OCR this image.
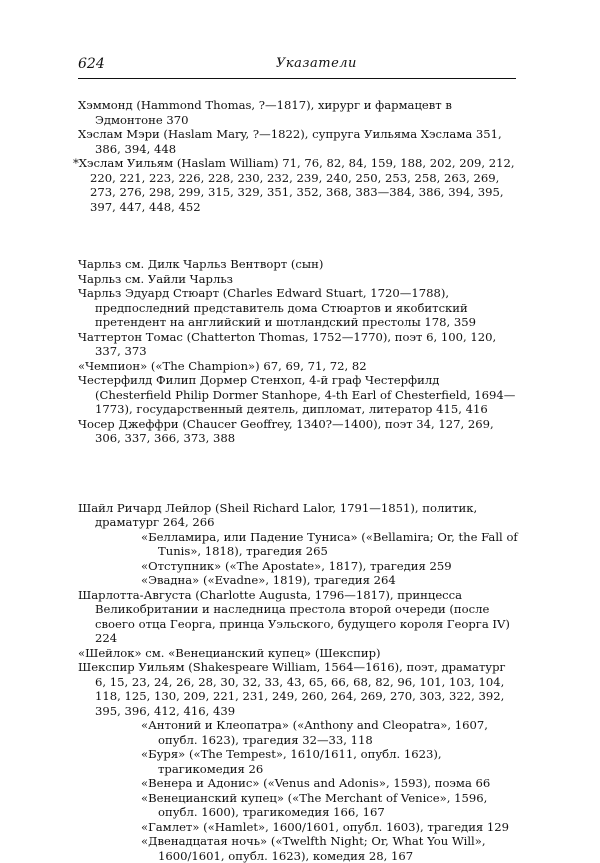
624	Указатели

Хэммонд (Hammond Thomas, ?—1817), хирург и фармацевт в Эдмонтоне 370

Хэслам Мэри (Haslam Mary, ?—1822), супруга Уильяма Хэслама 351, 386, 394, 448

*Хэслам Уильям (Haslam William) 71, 76, 82, 84, 159, 188, 202, 209, 212, 220, 221, 223, 226, 228, 230, 232, 239, 240, 250, 253, 258, 263, 269, 273, 276, 298, 299, 315, 329, 351, 352, 368, 383—384, 386, 394, 395, 397, 447, 448, 452

Чарльз см. Дилк Чарльз Вентворт (сын)

Чарльз см. Уайли Чарльз

Чарльз Эдуард Стюарт (Charles Edward Stuart, 1720—1788), предпоследний представитель дома Стюартов и якобитский претендент на английский и шотландский престолы 178, 359

Чаттертон Томас (Chatterton Thomas, 1752—1770), поэт 6, 100, 120, 337, 373

«Чемпион» («The Champion») 67, 69, 71, 72, 82

Честерфилд Филип Дормер Стенхоп, 4-й граф Честерфилд (Chesterfield Philip Dormer Stanhope, 4-th Earl of Chesterfield, 1694—1773), государственный деятель, дипломат, литератор 415, 416

Чосер Джеффри (Chaucer Geoffrey, 1340?—1400), поэт 34, 127, 269, 306, 337, 366, 373, 388

Шайл Ричард Лейлор (Sheil Richard Lalor, 1791—1851), политик, драматург 264, 266

«Белламира, или Падение Туниса» («Bellamira; Or, the Fall of Tunis», 1818), трагедия 265

«Отступник» («The Apostate», 1817), трагедия 259

«Эвадна» («Evadne», 1819), трагедия 264

Шарлотта-Августа (Charlotte Augusta, 1796—1817), принцесса Великобритании и наследница престола второй очереди (после своего отца Георга, принца Уэльского, будущего короля Георга IV) 224

«Шейлок» см. «Венецианский купец» (Шекспир)

Шекспир Уильям (Shakespeare William, 1564—1616), поэт, драматург 6, 15, 23, 24, 26, 28, 30, 32, 33, 43, 65, 66, 68, 82, 96, 101, 103, 104, 118, 125, 130, 209, 221, 231, 249, 260, 264, 269, 270, 303, 322, 392, 395, 396, 412, 416, 439

«Антоний и Клеопатра» («Anthony and Cleopatra», 1607, опубл. 1623), трагедия 32—33, 118

«Буря» («The Tempest», 1610/1611, опубл. 1623), трагикомедия 26

«Венера и Адонис» («Venus and Adonis», 1593), поэма 66

«Венецианский купец» («The Merchant of Venice», 1596, опубл. 1600), трагикомедия 166, 167

«Гамлет» («Hamlet», 1600/1601, опубл. 1603), трагедия 129

«Двенадцатая ночь» («Twelfth Night; Or, What You Will», 1600/1601, опубл. 1623), комедия 28, 167
